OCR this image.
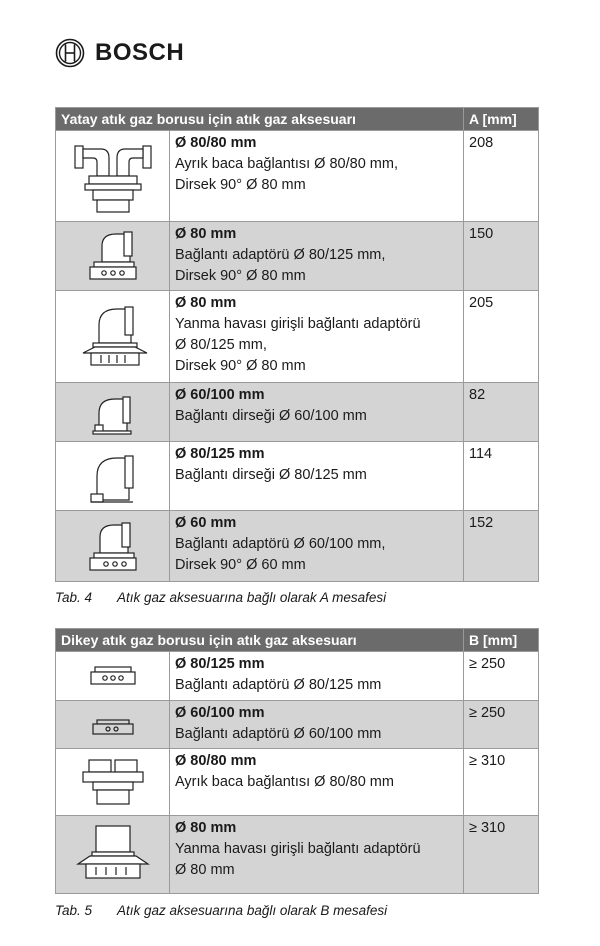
BOSCH
Yatay atık gaz borusu için atık gaz aksesuarı		A [mm]

Ø 80/80 mm
Ayrık baca bağlantısı Ø 80/80 mm,
Dirsek 90° Ø 80 mm	208

Ø 80 mm
Bağlantı adaptörü Ø 80/125 mm,
Dirsek 90° Ø 80 mm	150

Ø 80 mm
Yanma havası girişli bağlantı adaptörü
Ø 80/125 mm,
Dirsek 90° Ø 80 mm	205

Ø 60/100 mm
Bağlantı dirseği Ø 60/100 mm	82

Ø 80/125 mm
Bağlantı dirseği Ø 80/125 mm	114

Ø 60 mm
Bağlantı adaptörü Ø 60/100 mm,
Dirsek 90° Ø 60 mm	152
Tab. 4 Atık gaz aksesuarına bağlı olarak A mesafesi
Dikey atık gaz borusu için atık gaz aksesuarı		B [mm]

Ø 80/125 mm
Bağlantı adaptörü Ø 80/125 mm	≥ 250

Ø 60/100 mm
Bağlantı adaptörü Ø 60/100 mm	≥ 250

Ø 80/80 mm
Ayrık baca bağlantısı Ø 80/80 mm	≥ 310

Ø 80 mm
Yanma havası girişli bağlantı adaptörü
Ø 80 mm	≥ 310
Tab. 5 Atık gaz aksesuarına bağlı olarak B mesafesi
